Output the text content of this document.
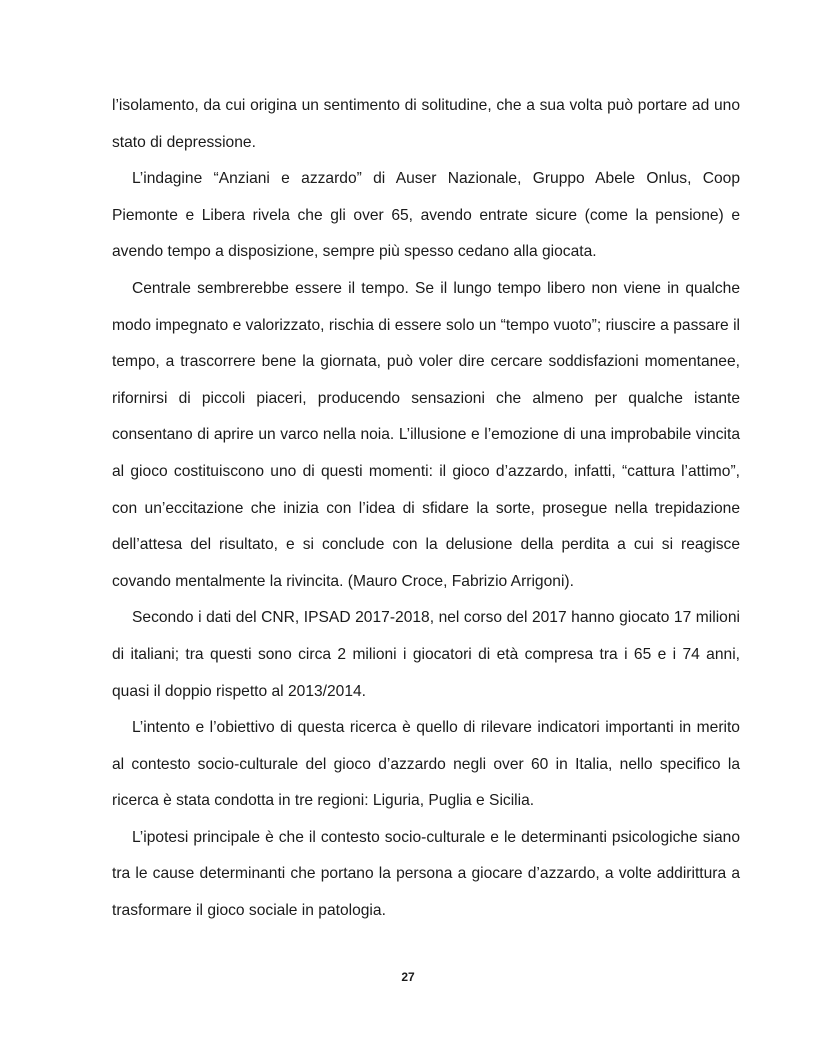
l’isolamento, da cui origina un sentimento di solitudine, che a sua volta può portare ad uno stato di depressione.

L’indagine “Anziani e azzardo” di Auser Nazionale, Gruppo Abele Onlus, Coop Piemonte e Libera rivela che gli over 65, avendo entrate sicure (come la pensione) e avendo tempo a disposizione, sempre più spesso cedano alla giocata.

Centrale sembrerebbe essere il tempo. Se il lungo tempo libero non viene in qualche modo impegnato e valorizzato, rischia di essere solo un “tempo vuoto”; riuscire a passare il tempo, a trascorrere bene la giornata, può voler dire cercare soddisfazioni momentanee, rifornirsi di piccoli piaceri, producendo sensazioni che almeno per qualche istante consentano di aprire un varco nella noia. L’illusione e l’emozione di una improbabile vincita al gioco costituiscono uno di questi momenti: il gioco d’azzardo, infatti, “cattura l’attimo”, con un’eccitazione che inizia con l’idea di sfidare la sorte, prosegue nella trepidazione dell’attesa del risultato, e si conclude con la delusione della perdita a cui si reagisce covando mentalmente la rivincita. (Mauro Croce, Fabrizio Arrigoni).

Secondo i dati del CNR, IPSAD 2017-2018, nel corso del 2017 hanno giocato 17 milioni di italiani; tra questi sono circa 2 milioni i giocatori di età compresa tra i 65 e i 74 anni, quasi il doppio rispetto al 2013/2014.

L’intento e l’obiettivo di questa ricerca è quello di rilevare indicatori importanti in merito al contesto socio-culturale del gioco d’azzardo negli over 60 in Italia, nello specifico la ricerca è stata condotta in tre regioni: Liguria, Puglia e Sicilia.

L’ipotesi principale è che il contesto socio-culturale e le determinanti psicologiche siano tra le cause determinanti che portano la persona a giocare d’azzardo, a volte addirittura a trasformare il gioco sociale in patologia.

27
